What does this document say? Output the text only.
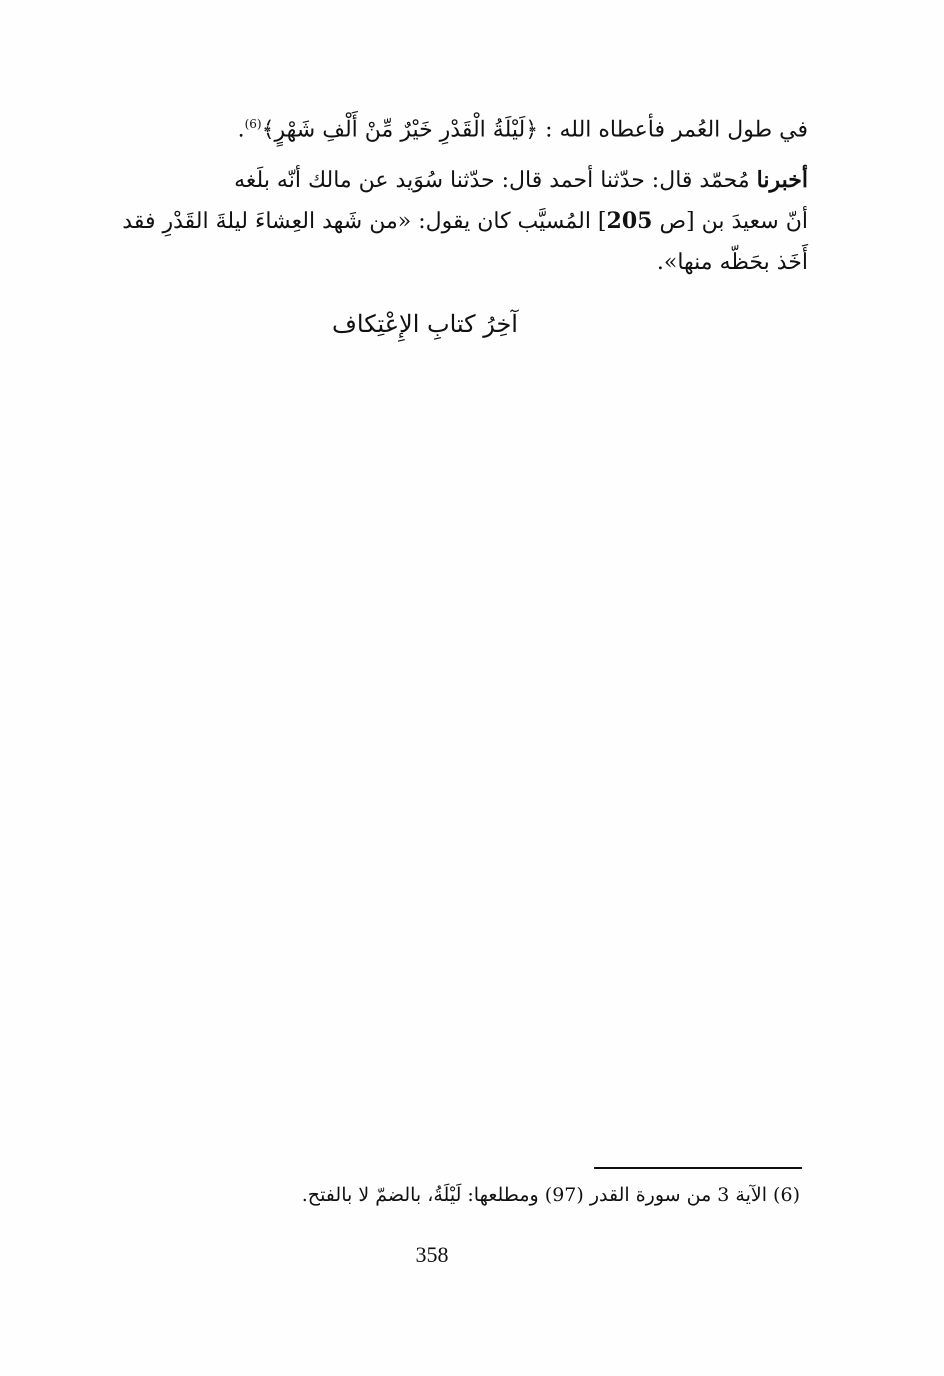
في طول العُمر فأعطاه الله : ﴿لَيْلَةُ الْقَدْرِ خَيْرٌ مِّنْ أَلْفِ شَهْرٍ﴾$^{(6)}$.
أخبرنا مُحمّد قال: حدّثنا أحمد قال: حدّثنا سُوَيد عن مالك أنّه بلَغه
أنّ سعيدَ بن [ص 205] المُسيَّب كان يقول: «من شَهد العِشاءَ ليلةَ القَدْرِ فقد
أَخَذ بحَظّه منها».
آخِرُ كتابِ الإِعْتِكاف
(6) الآية 3 من سورة القدر (97) ومطلعها: لَيْلَةُ، بالضمّ لا بالفتح.
358
